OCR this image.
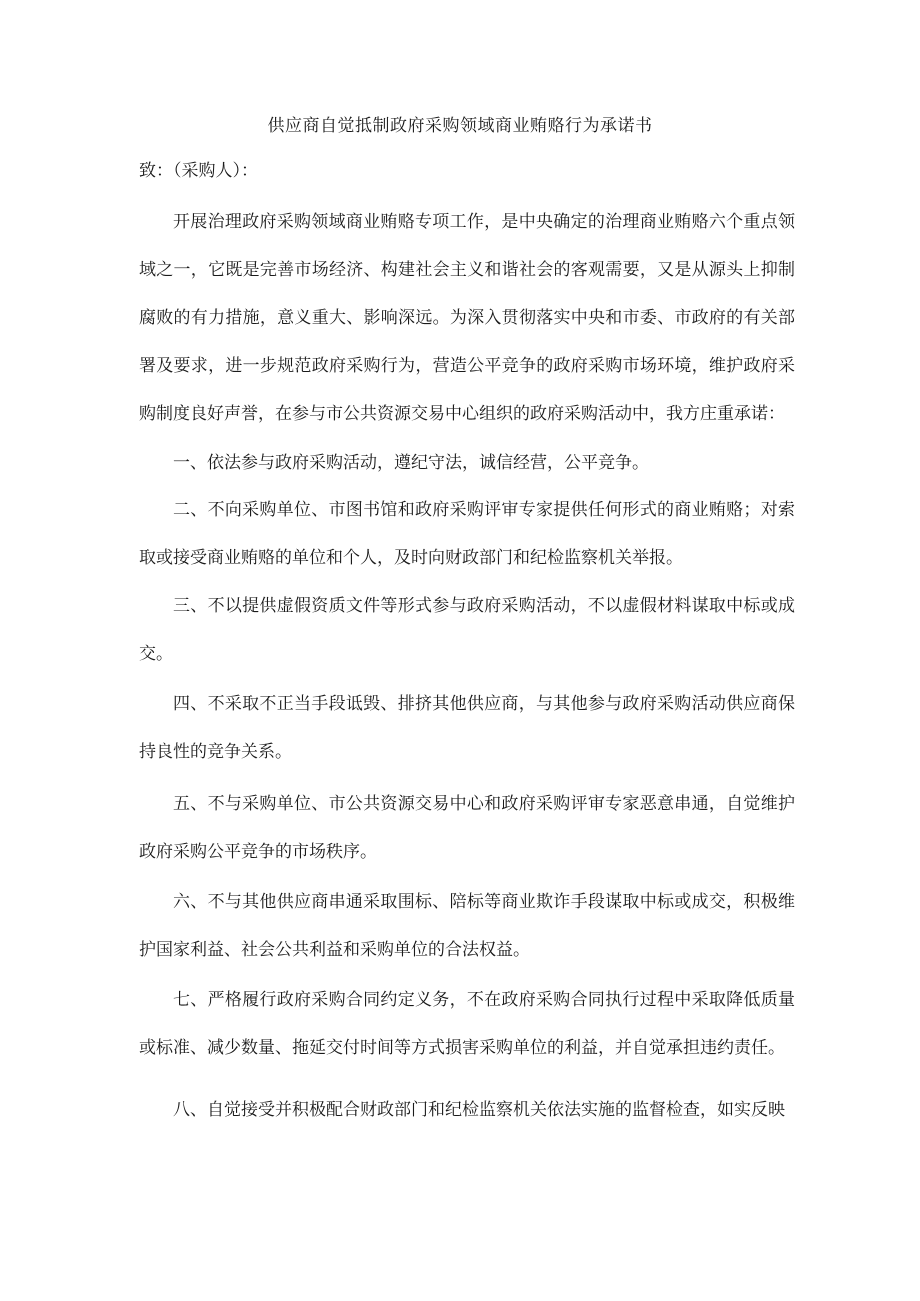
供应商自觉抵制政府采购领域商业贿赂行为承诺书
致：（采购人）：

开展治理政府采购领域商业贿赂专项工作，是中央确定的治理商业贿赂六个重点领域之一，它既是完善市场经济、构建社会主义和谐社会的客观需要，又是从源头上抑制腐败的有力措施，意义重大、影响深远。为深入贯彻落实中央和市委、市政府的有关部署及要求，进一步规范政府采购行为，营造公平竞争的政府采购市场环境，维护政府采购制度良好声誉，在参与市公共资源交易中心组织的政府采购活动中，我方庄重承诺：

一、依法参与政府采购活动，遵纪守法，诚信经营，公平竞争。

二、不向采购单位、市图书馆和政府采购评审专家提供任何形式的商业贿赂；对索取或接受商业贿赂的单位和个人，及时向财政部门和纪检监察机关举报。

三、不以提供虚假资质文件等形式参与政府采购活动，不以虚假材料谋取中标或成交。

四、不采取不正当手段诋毁、排挤其他供应商，与其他参与政府采购活动供应商保持良性的竞争关系。

五、不与采购单位、市公共资源交易中心和政府采购评审专家恶意串通，自觉维护政府采购公平竞争的市场秩序。

六、不与其他供应商串通采取围标、陪标等商业欺诈手段谋取中标或成交，积极维护国家利益、社会公共利益和采购单位的合法权益。

七、严格履行政府采购合同约定义务，不在政府采购合同执行过程中采取降低质量或标准、减少数量、拖延交付时间等方式损害采购单位的利益，并自觉承担违约责任。

八、自觉接受并积极配合财政部门和纪检监察机关依法实施的监督检查，如实反映
